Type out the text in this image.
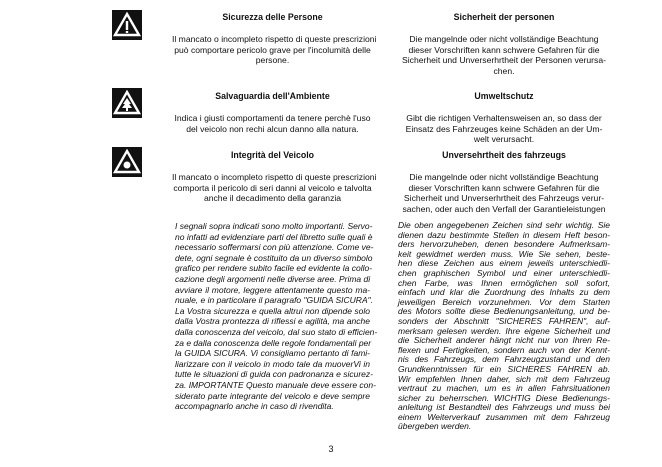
Sicurezza delle Persone
Il mancato o incompleto rispetto di queste prescrizioni
può comportare pericolo grave per l'incolumità delle
persone.
Sicherheit der personen
Die mangelnde oder nicht vollständige Beachtung
dieser Vorschriften kann schwere Gefahren für die
Sicherheit und Unverserhrtheit der Personen verursa-
chen.
Salvaguardia dell'Ambiente
Indica i giusti comportamenti da tenere perchè l'uso
del veicolo non rechi alcun danno alla natura.
Umweltschutz
Gibt die richtigen Verhaltensweisen an, so dass der
Einsatz des Fahrzeuges keine Schäden an der Um-
welt verursacht.
Integrità del Veicolo
Il mancato o incompleto rispetto di queste prescrizioni
comporta il pericolo di seri danni al veicolo e talvolta
anche il decadimento della garanzia
Unversehrtheit des fahrzeugs
Die mangelnde oder nicht vollständige Beachtung
dieser Vorschriften kann schwere Gefahren für die
Sicherheit und Unverserhrtheit des Fahrzeugs verur-
sachen, oder auch den Verfall der Garantieleistungen
I segnali sopra indicati sono molto importanti. Servo-
no infatti ad evidenziare parti del libretto sulle quali è
necessario soffermarsi con più attenzione. Come ve-
dete, ogni segnale è costituito da un diverso simbolo
grafico per rendere subito facile ed evidente la collo-
cazione degli argomenti nelle diverse aree. Prima di
avviare il motore, leggere attentamente questo ma-
nuale, e in particolare il paragrafo "GUIDA SICURA".
La Vostra sicurezza e quella altrui non dipende solo
dalla Vostra prontezza di riflessi e agilità, ma anche
dalla conoscenza del veicolo, dal suo stato di efficien-
za e dalla conoscenza delle regole fondamentali per
la GUIDA SICURA. Vi consigliamo pertanto di fami-
liarizzare con il veicolo in modo tale da muoverVi in
tutte le situazioni di guida con padronanza e sicurez-
za. IMPORTANTE Questo manuale deve essere con-
siderato parte integrante del veicolo e deve sempre
accompagnarlo anche in caso di rivendita.
Die oben angegebenen Zeichen sind sehr wichtig. Sie
dienen dazu bestimmte Stellen in diesem Heft beson-
ders hervorzuheben, denen besondere Aufmerksam-
keit gewidmet werden muss. Wie Sie sehen, beste-
hen diese Zeichen aus einem jeweils unterschiedli-
chen graphischen Symbol und einer unterschiedli-
chen Farbe, was Ihnen ermöglichen soll sofort,
einfach und klar die Zuordnung des Inhalts zu dem
jeweiligen Bereich vorzunehmen. Vor dem Starten
des Motors sollte diese Bedienungsanleitung, und be-
sonders der Abschnitt "SICHERES FAHREN", auf-
merksam gelesen werden. Ihre eigene Sicherheit und
die Sicherheit anderer hängt nicht nur von Ihren Re-
flexen und Fertigkeiten, sondern auch von der Kennt-
nis des Fahrzeugs, dem Fahrzeugzustand und den
Grundkenntnissen für ein SICHERES FAHREN ab.
Wir empfehlen Ihnen daher, sich mit dem Fahrzeug
vertraut zu machen, um es in allen Fahrsituationen
sicher zu beherrschen. WICHTIG Diese Bedienungs-
anleitung ist Bestandteil des Fahrzeugs und muss bei
einem Weiterverkauf zusammen mit dem Fahrzeug
übergeben werden.
3
